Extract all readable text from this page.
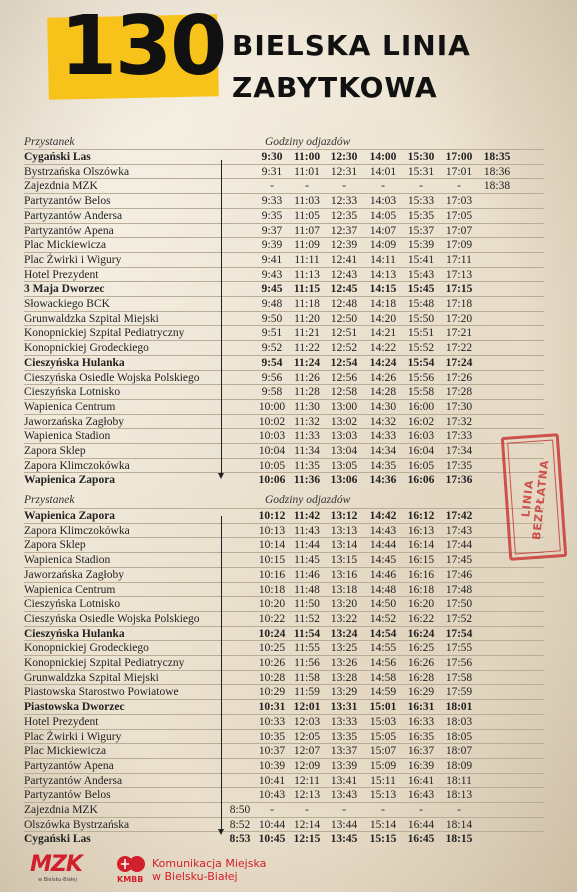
130 BIELSKA LINIA
ZABYTKOWA
Przystanek	Godziny odjazdów
Cygański Las	9:30 11:00 12:30	14:00 15:30 17:00 18:35
Bystrzańska Olszówka	9:31	11:01 12:31	14:01	15:31	17:01	18:36
Zajezdnia MZK	-	-	-	-	-	-	18:38
Partyzantów Belos	9:33	11:03 12:33	14:03	15:33	17:03
Partyzantów Andersa	9:35	11:05 12:35	14:05	15:35	17:05
Partyzantów Apena	9:37	11:07 12:37	14:07	15:37	17:07
Plac Mickiewicza	9:39	11:09 12:39	14:09	15:39	17:09
Plac Żwirki i Wigury	9:41	11:11 12:41	14:11	15:41	17:11
Hotel Prezydent	9:43	11:13 12:43	14:13	15:43	17:13
3 Maja Dworzec	9:45 11:15 12:45	14:15 15:45 17:15
Słowackiego BCK	9:48	11:18 12:48	14:18	15:48	17:18
Grunwaldzka Szpital Miejski	9:50	11:20 12:50	14:20	15:50	17:20
Konopnickiej Szpital Pediatryczny	9:51	11:21 12:51	14:21	15:51	17:21
Konopnickiej Grodeckiego	9:52	11:22 12:52	14:22	15:52	17:22
Cieszyńska Hulanka	9:54 11:24 12:54	14:24 15:54 17:24
Cieszyńska Osiedle Wojska Polskiego	9:56	11:26 12:56	14:26	15:56	17:26
Cieszyńska Lotnisko	9:58	11:28 12:58	14:28	15:58	17:28
Wapienica Centrum	10:00 11:30 13:00	14:30	16:00	17:30
Jaworzańska Zagłoby	10:02 11:32 13:02	14:32	16:02	17:32
Wapienica Stadion	10:03 11:33 13:03	14:33	16:03	17:33
Zapora Sklep	10:04 11:34 13:04	14:34	16:04	17:34
Zapora Klimczokówka	10:05 11:35 13:05	14:35	16:05	17:35
Wapienica Zapora	10:06 11:36 13:06	14:36 16:06 17:36
Przystanek	Godziny odjazdów
Wapienica Zapora	10:12 11:42 13:12	14:42 16:12 17:42
Zapora Klimczokówka	10:13 11:43 13:13	14:43	16:13	17:43
Zapora Sklep	10:14 11:44 13:14	14:44	16:14	17:44
Wapienica Stadion	10:15 11:45 13:15	14:45	16:15	17:45
Jaworzańska Zagłoby	10:16 11:46 13:16	14:46	16:16	17:46
Wapienica Centrum	10:18 11:48 13:18	14:48	16:18	17:48
Cieszyńska Lotnisko	10:20 11:50 13:20	14:50	16:20	17:50
Cieszyńska Osiedle Wojska Polskiego	10:22 11:52 13:22	14:52	16:22	17:52
Cieszyńska Hulanka	10:24 11:54 13:24	14:54 16:24 17:54
Konopnickiej Grodeckiego	10:25 11:55 13:25	14:55	16:25	17:55
Konopnickiej Szpital Pediatryczny	10:26 11:56 13:26	14:56	16:26	17:56
Grunwaldzka Szpital Miejski	10:28 11:58 13:28	14:58	16:28	17:58
Piastowska Starostwo Powiatowe	10:29 11:59 13:29	14:59	16:29	17:59
Piastowska Dworzec	10:31 12:01 13:31	15:01 16:31 18:01
Hotel Prezydent	10:33 12:03 13:33	15:03	16:33	18:03
Plac Żwirki i Wigury	10:35 12:05 13:35	15:05	16:35	18:05
Plac Mickiewicza	10:37 12:07 13:37	15:07	16:37	18:07
Partyzantów Apena	10:39 12:09 13:39	15:09	16:39	18:09
Partyzantów Andersa	10:41 12:11 13:41	15:11	16:41	18:11
Partyzantów Belos	10:43 12:13 13:43	15:13	16:43	18:13
Zajezdnia MZK	8:50	-	-	-	-	-	-
Olszówka Bystrzańska	8:52 10:44 12:14 13:44	15:14	16:44	18:14
Cygański Las	8:53 10:45 12:15 13:45	15:15 16:45 18:15
LINIA BEZPŁATNA
MZK
w Bielsku-Białej	KMBB
Komunikacja Miejska
w Bielsku-Białej
